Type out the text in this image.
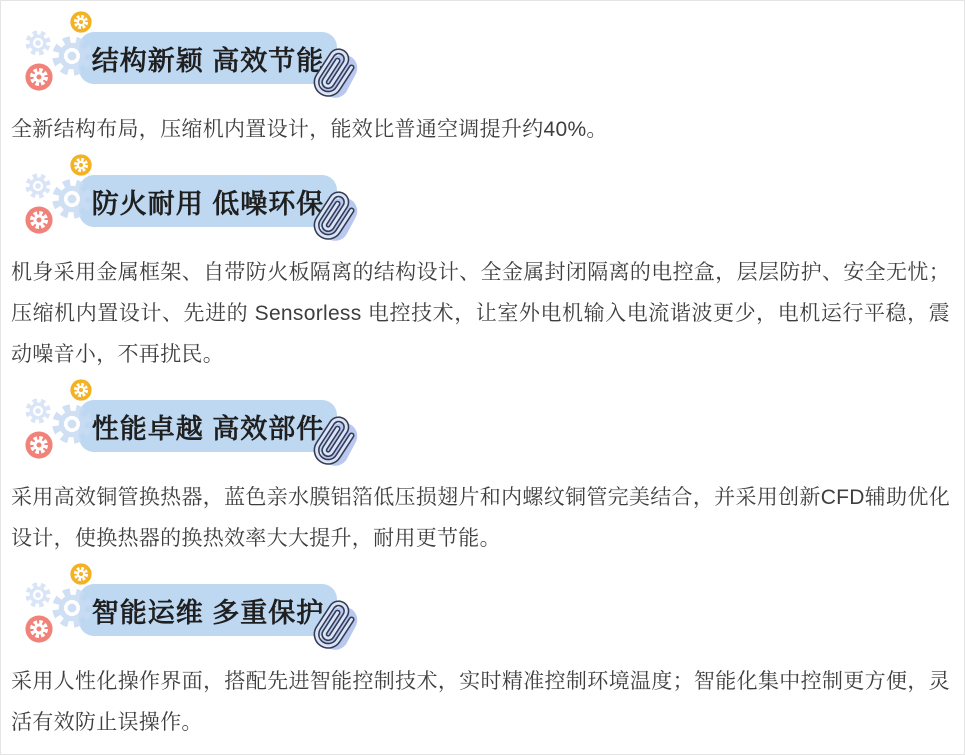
结构新颖 高效节能

全新结构布局，压缩机内置设计，能效比普通空调提升约40%。

防火耐用 低噪环保

机身采用金属框架、自带防火板隔离的结构设计、全金属封闭隔离的电控盒，层层防护、安全无忧；压缩机内置设计、先进的 Sensorless 电控技术，让室外电机输入电流谐波更少，电机运行平稳，震动噪音小，不再扰民。

性能卓越 高效部件

采用高效铜管换热器，蓝色亲水膜铝箔低压损翅片和内螺纹铜管完美结合，并采用创新CFD辅助优化设计，使换热器的换热效率大大提升，耐用更节能。

智能运维 多重保护

采用人性化操作界面，搭配先进智能控制技术，实时精准控制环境温度；智能化集中控制更方便，灵活有效防止误操作。
